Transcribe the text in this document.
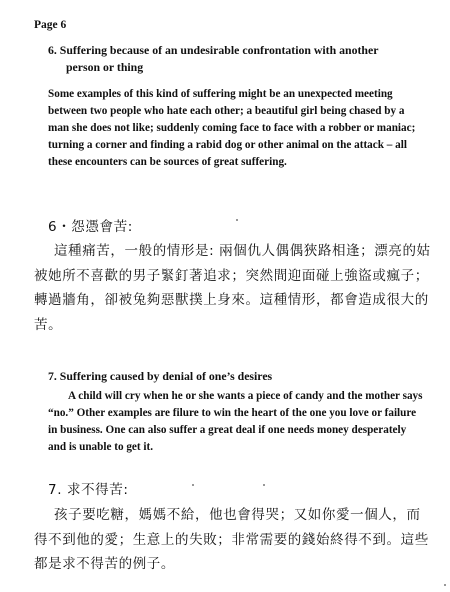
Page 6
6. Suffering because of an undesirable confrontation with another
person or thing
Some examples of this kind of suffering might be an unexpected meeting between two people who hate each other; a beautiful girl being chased by a man she does not like; suddenly coming face to face with a robber or maniac; turning a corner and finding a rabid dog or other animal on the attack – all these encounters can be sources of great suffering.
6・怨憑會苦:
這種痛苦，一般的情形是: 兩個仇人偶偶狹路相逢；漂亮的姑被她所不喜歡的男子緊釘著追求；突然間迎面碰上強盜或瘋子；轉過牆角，卻被兔夠惡獸撲上身來。這種情形，都會造成很大的苦。
7. Suffering caused by denial of one’s desires
A child will cry when he or she wants a piece of candy and the mother says “no.” Other examples are filure to win the heart of the one you love or failure in business. One can also suffer a great deal if one needs money desperately and is unable to get it.
7. 求不得苦:
孩子要吃糖，媽媽不給，他也會得哭；又如你愛一個人，而得不到他的愛；生意上的失敗；非常需要的錢始終得不到。這些都是求不得苦的例子。
